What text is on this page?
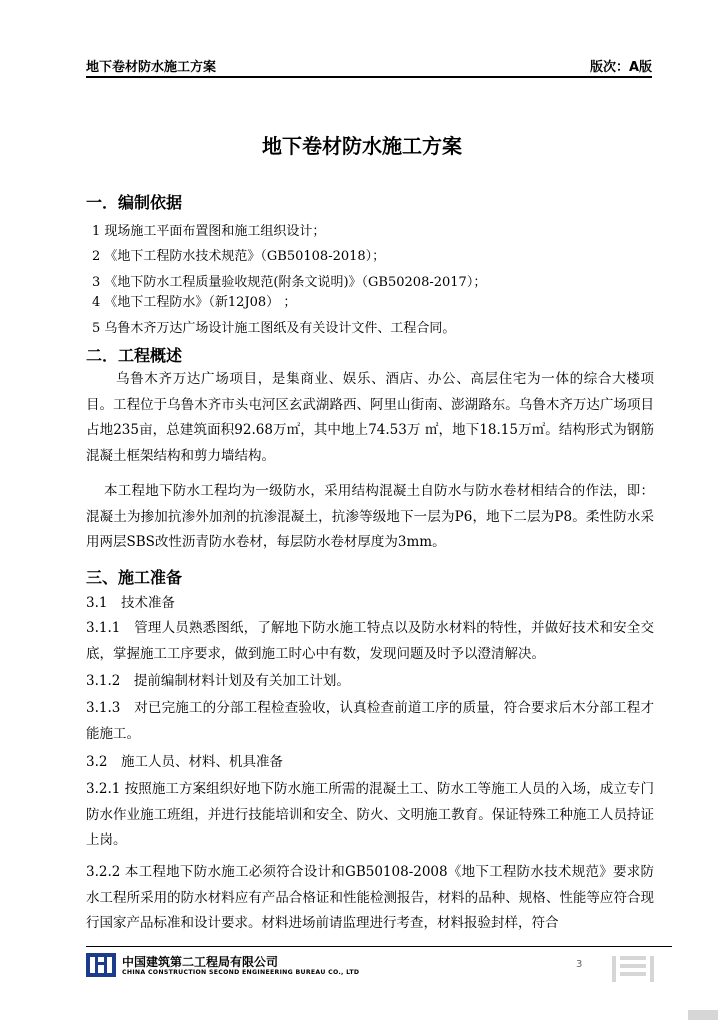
地下卷材防水施工方案	版次：A版
地下卷材防水施工方案
一．编制依据
1 现场施工平面布置图和施工组织设计；
2 《地下工程防水技术规范》（GB50108-2018）；
3 《地下防水工程质量验收规范(附条文说明)》（GB50208-2017）；
4 《地下工程防水》（新12J08） ；
5 乌鲁木齐万达广场设计施工图纸及有关设计文件、工程合同。
二．工程概述
乌鲁木齐万达广场项目，是集商业、娱乐、酒店、办公、高层住宅为一体的综合大楼项目。工程位于乌鲁木齐市头屯河区玄武湖路西、阿里山街南、澎湖路东。乌鲁木齐万达广场项目占地235亩，总建筑面积92.68万㎡，其中地上74.53万 ㎡，地下18.15万㎡。结构形式为钢筋混凝土框架结构和剪力墙结构。
本工程地下防水工程均为一级防水，采用结构混凝土自防水与防水卷材相结合的作法，即：混凝土为掺加抗渗外加剂的抗渗混凝土，抗渗等级地下一层为P6，地下二层为P8。柔性防水采用两层SBS改性沥青防水卷材，每层防水卷材厚度为3mm。
三、施工准备
3.1　技术准备
3.1.1　管理人员熟悉图纸，了解地下防水施工特点以及防水材料的特性，并做好技术和安全交底，掌握施工工序要求，做到施工时心中有数，发现问题及时予以澄清解决。
3.1.2　提前编制材料计划及有关加工计划。
3.1.3　对已完施工的分部工程检查验收，认真检查前道工序的质量，符合要求后木分部工程才能施工。
3.2　施工人员、材料、机具准备
3.2.1 按照施工方案组织好地下防水施工所需的混凝土工、防水工等施工人员的入场，成立专门防水作业施工班组，并进行技能培训和安全、防火、文明施工教育。保证特殊工种施工人员持证上岗。
3.2.2 本工程地下防水施工必须符合设计和GB50108-2008《地下工程防水技术规范》要求防水工程所采用的防水材料应有产品合格证和性能检测报告，材料的品种、规格、性能等应符合现行国家产品标准和设计要求。材料进场前请监理进行考查，材料报验封样，符合
中国建筑第二工程局有限公司
CHINA CONSTRUCTION SECOND ENGINEERING BUREAU CO., LTD
3
